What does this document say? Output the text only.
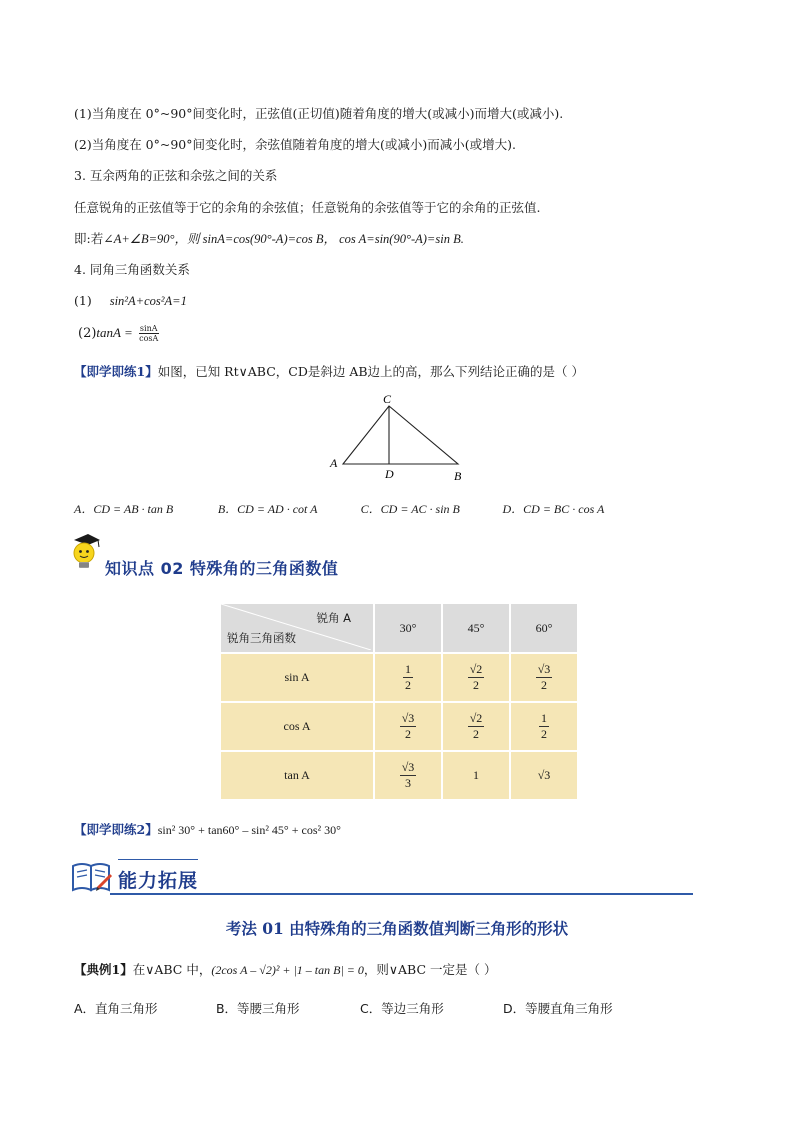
(1)当角度在 0°~90°间变化时，正弦值(正切值)随着角度的增大(或减小)而增大(或减小).
(2)当角度在 0°~90°间变化时，余弦值随着角度的增大(或减小)而减小(或增大).
3. 互余两角的正弦和余弦之间的关系
任意锐角的正弦值等于它的余角的余弦值；任意锐角的余弦值等于它的余角的正弦值.
即:若∠A+∠B=90°，则 sinA=cos(90°-A)=cos B， cos A=sin(90°-A)=sin B.
4. 同角三角函数关系
(1) sin²A+cos²A=1
$(2)\tan A = \frac{\sin A}{\cos A}$
【即学即练1】如图，已知 Rt∨ABC，CD是斜边 AB边上的高，那么下列结论正确的是（ ）
C
A
D	B
A．CD = AB · tan B	B．CD = AD · cot A	C．CD = AC · sin B	D．CD = BC · cos A
知识点 02 特殊角的三角函数值
锐角 A
锐角三角函数	30°	45°	60°
sin A	$\frac{1}{2}$	$\frac{√2}{2}$	$\frac{√3}{2}$

cos A	$\frac{√3}{2}$	$\frac{√2}{2}$	$\frac{1}{2}$

tan A	$\frac{√3}{3}$	1	√3
【即学即练2】sin² 30° + tan60° – sin² 45° + cos² 30°
能力拓展
考法 01 由特殊角的三角函数值判断三角形的形状
【典例1】在∨ABC 中，(2cos A – √2)² + |1 – tan B| = 0，则∨ABC 一定是（ ）
A．直角三角形	B．等腰三角形	C．等边三角形	D．等腰直角三角形
